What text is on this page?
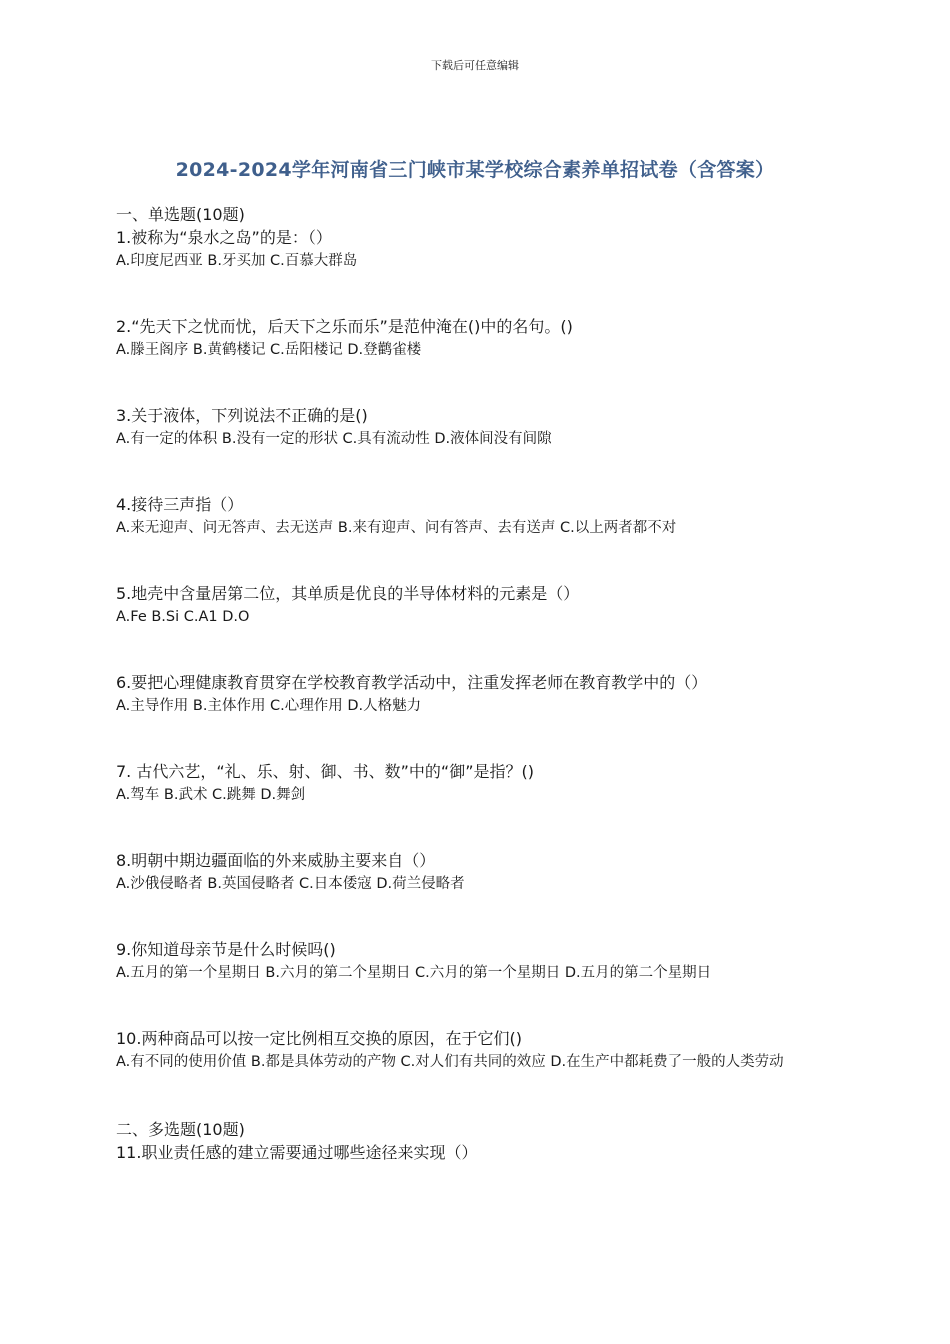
下载后可任意编辑
2024-2024学年河南省三门峡市某学校综合素养单招试卷（含答案）
一、单选题(10题)
1.被称为“泉水之岛”的是：（）
A.印度尼西亚 B.牙买加 C.百慕大群岛
2.“先天下之忧而忧，后天下之乐而乐”是范仲淹在()中的名句。()
A.滕王阁序 B.黄鹤楼记 C.岳阳楼记 D.登鹳雀楼
3.关于液体，下列说法不正确的是()
A.有一定的体积 B.没有一定的形状 C.具有流动性 D.液体间没有间隙
4.接待三声指（）
A.来无迎声、问无答声、去无送声 B.来有迎声、问有答声、去有送声 C.以上两者都不对
5.地壳中含量居第二位，其单质是优良的半导体材料的元素是（）
A.Fe B.Si C.A1 D.O
6.要把心理健康教育贯穿在学校教育教学活动中，注重发挥老师在教育教学中的（）
A.主导作用 B.主体作用 C.心理作用 D.人格魅力
7. 古代六艺，“礼、乐、射、御、书、数”中的“御”是指？()
A.驾车 B.武术 C.跳舞 D.舞剑
8.明朝中期边疆面临的外来威胁主要来自（）
A.沙俄侵略者 B.英国侵略者 C.日本倭寇 D.荷兰侵略者
9.你知道母亲节是什么时候吗()
A.五月的第一个星期日 B.六月的第二个星期日 C.六月的第一个星期日 D.五月的第二个星期日
10.两种商品可以按一定比例相互交换的原因，在于它们()
A.有不同的使用价值 B.都是具体劳动的产物 C.对人们有共同的效应 D.在生产中都耗费了一般的人类劳动
二、多选题(10题)
11.职业责任感的建立需要通过哪些途径来实现（）
